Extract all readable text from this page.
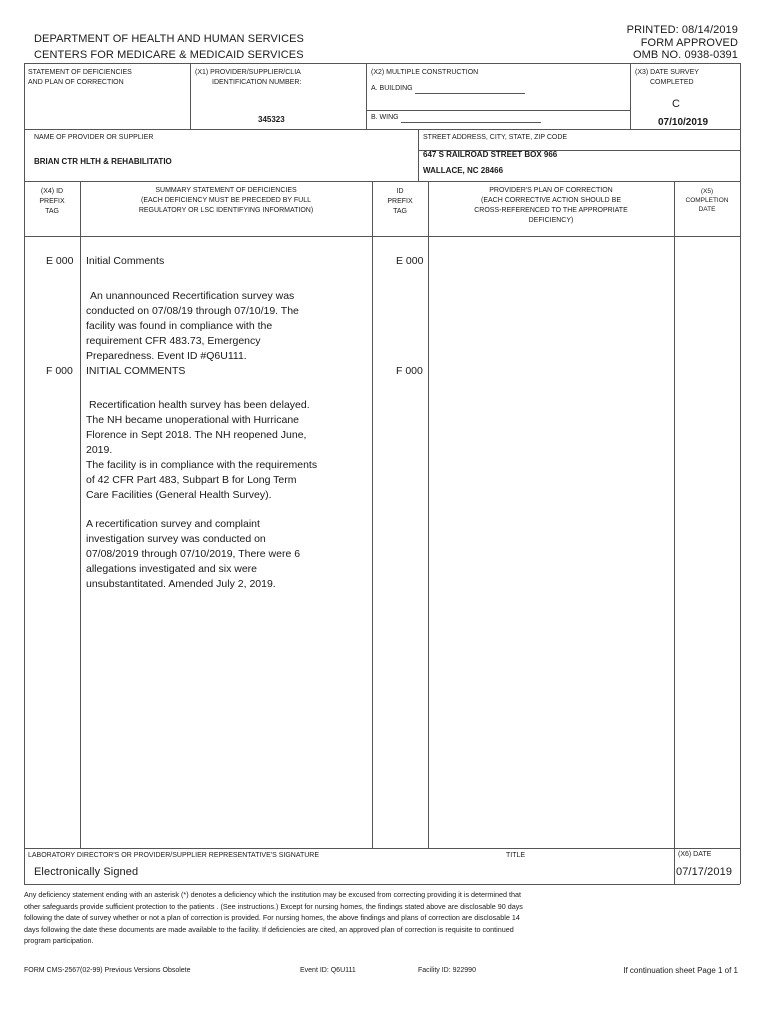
DEPARTMENT OF HEALTH AND HUMAN SERVICES
CENTERS FOR MEDICARE & MEDICAID SERVICES
PRINTED: 08/14/2019
FORM APPROVED
OMB NO. 0938-0391
STATEMENT OF DEFICIENCIES
AND PLAN OF CORRECTION
(X1) PROVIDER/SUPPLIER/CLIA
IDENTIFICATION NUMBER:
345323
(X2) MULTIPLE CONSTRUCTION
A. BUILDING
B. WING
(X3) DATE SURVEY
COMPLETED
C
07/10/2019
NAME OF PROVIDER OR SUPPLIER
BRIAN CTR HLTH & REHABILITATIO
STREET ADDRESS, CITY, STATE, ZIP CODE
647 S RAILROAD STREET BOX 966
WALLACE, NC 28466
(X4) ID
PREFIX
TAG
SUMMARY STATEMENT OF DEFICIENCIES
(EACH DEFICIENCY MUST BE PRECEDED BY FULL
REGULATORY OR LSC IDENTIFYING INFORMATION)
ID
PREFIX
TAG
PROVIDER'S PLAN OF CORRECTION
(EACH CORRECTIVE ACTION SHOULD BE
CROSS-REFERENCED TO THE APPROPRIATE
DEFICIENCY)
(X5)
COMPLETION
DATE
E 000 Initial Comments	E 000
An unannounced Recertification survey was
conducted on 07/08/19 through 07/10/19. The
facility was found in compliance with the
requirement CFR 483.73, Emergency
Preparedness. Event ID #Q6U111.
F 000 INITIAL COMMENTS	F 000
Recertification health survey has been delayed.
The NH became unoperational with Hurricane
Florence in Sept 2018. The NH reopened June,
2019.
The facility is in compliance with the requirements
of 42 CFR Part 483, Subpart B for Long Term
Care Facilities (General Health Survey).
A recertification survey and complaint
investigation survey was conducted on
07/08/2019 through 07/10/2019, There were 6
allegations investigated and six were
unsubstantitated. Amended July 2, 2019.
LABORATORY DIRECTOR'S OR PROVIDER/SUPPLIER REPRESENTATIVE'S SIGNATURE	TITLE	(X6) DATE
Electronically Signed	07/17/2019
Any deficiency statement ending with an asterisk (*) denotes a deficiency which the institution may be excused from correcting providing it is determined that
other safeguards provide sufficient protection to the patients . (See instructions.) Except for nursing homes, the findings stated above are disclosable 90 days
following the date of survey whether or not a plan of correction is provided. For nursing homes, the above findings and plans of correction are disclosable 14
days following the date these documents are made available to the facility. If deficiencies are cited, an approved plan of correction is requisite to continued
program participation.
FORM CMS-2567(02-99) Previous Versions Obsolete	Event ID: Q6U111	Facility ID: 922990	If continuation sheet Page 1 of 1
